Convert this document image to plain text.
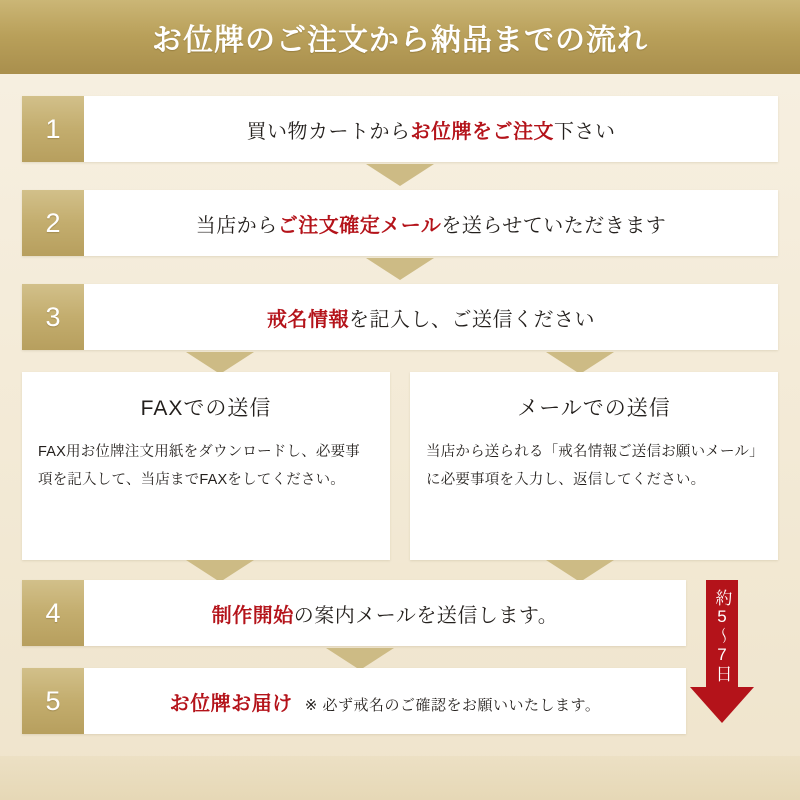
お位牌のご注文から納品までの流れ
1	買い物カートからお位牌をご注文下さい
2	当店からご注文確定メールを送らせていただきます
3	戒名情報を記入し、ご送信ください
FAXでの送信
FAX用お位牌注文用紙をダウンロードし、必要事項を記入して、当店までFAXをしてください。
メールでの送信
当店から送られる「戒名情報ご送信お願いメール」に必要事項を入力し、返信してください。
4	制作開始の案内メールを送信します。
5	お位牌お届け ※ 必ず戒名のご確認をお願いいたします。
約5〜7日
